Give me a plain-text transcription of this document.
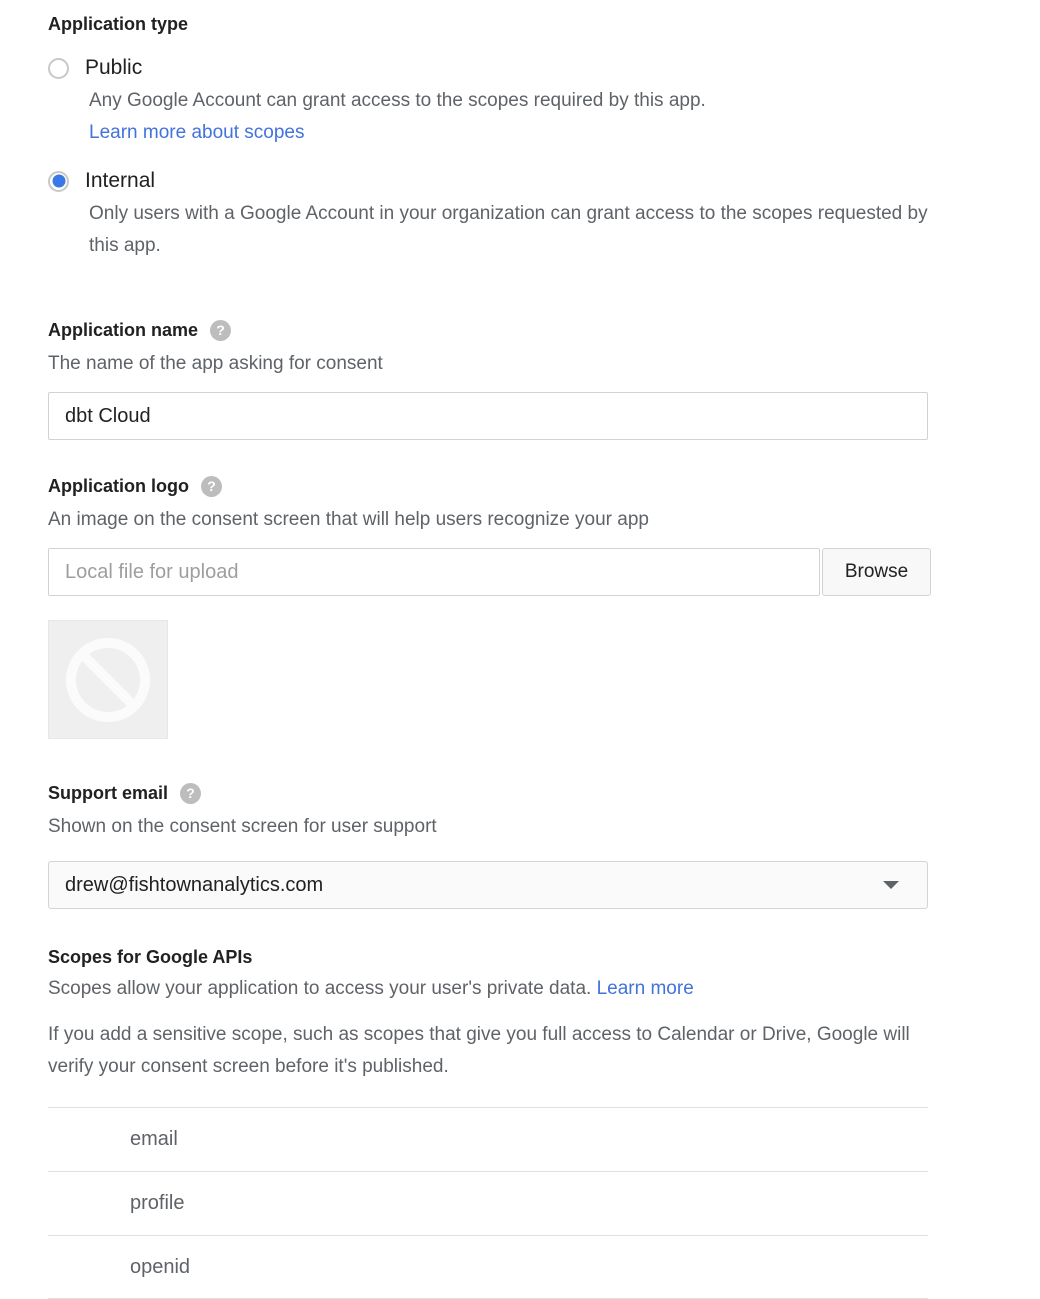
Application type
Public
Any Google Account can grant access to the scopes required by this app.
Learn more about scopes
Internal
Only users with a Google Account in your organization can grant access to the scopes requested by this app.
Application name	?
The name of the app asking for consent
dbt Cloud
Application logo	?
An image on the consent screen that will help users recognize your app
Local file for upload
Browse
Support email	?
Shown on the consent screen for user support
drew@fishtownanalytics.com
Scopes for Google APIs
Scopes allow your application to access your user's private data. Learn more
If you add a sensitive scope, such as scopes that give you full access to Calendar or Drive, Google will verify your consent screen before it's published.
email
profile
openid
